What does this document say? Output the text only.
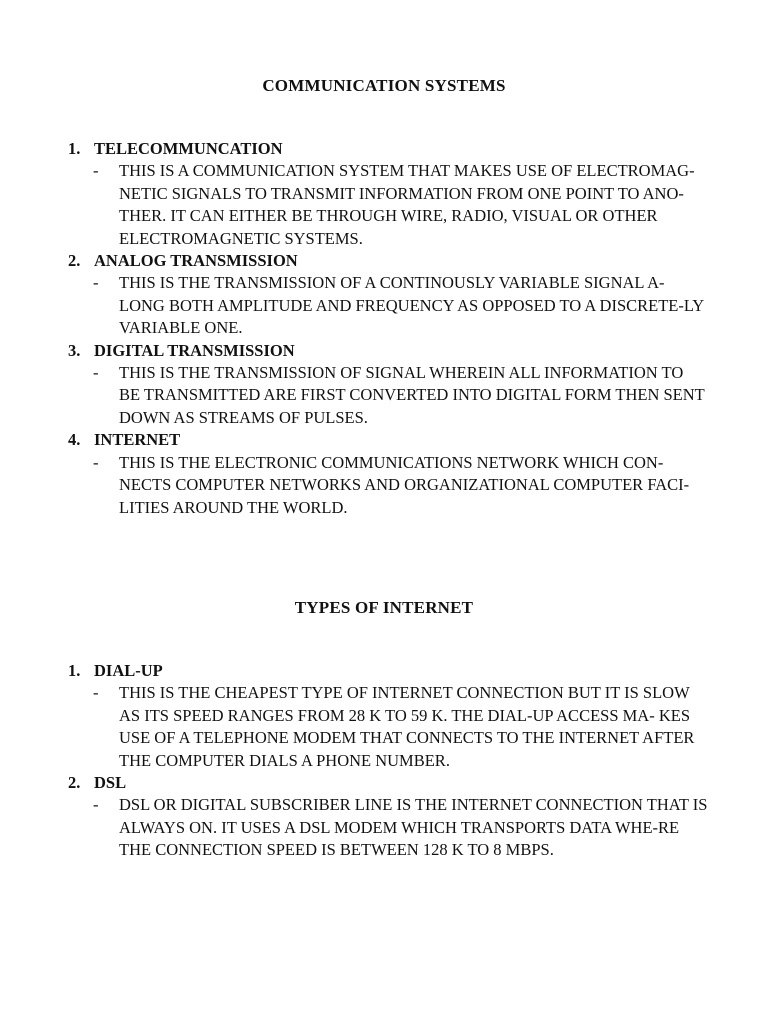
COMMUNICATION SYSTEMS
1. TELECOMMUNCATION
-	THIS IS A COMMUNICATION SYSTEM THAT MAKES USE OF ELECTROMAG- NETIC SIGNALS TO TRANSMIT INFORMATION FROM ONE POINT TO ANO- THER. IT CAN EITHER BE THROUGH WIRE, RADIO, VISUAL OR OTHER ELECTROMAGNETIC SYSTEMS.
2. ANALOG TRANSMISSION
-	THIS IS THE TRANSMISSION OF A CONTINOUSLY VARIABLE SIGNAL A- LONG BOTH AMPLITUDE AND FREQUENCY AS OPPOSED TO A DISCRETE-LY VARIABLE ONE.
3. DIGITAL TRANSMISSION
-	THIS IS THE TRANSMISSION OF SIGNAL WHEREIN ALL INFORMATION TO BE TRANSMITTED ARE FIRST CONVERTED INTO DIGITAL FORM THEN SENT DOWN AS STREAMS OF PULSES.
4. INTERNET
-	THIS IS THE ELECTRONIC COMMUNICATIONS NETWORK WHICH CON- NECTS COMPUTER NETWORKS AND ORGANIZATIONAL COMPUTER FACI- LITIES AROUND THE WORLD.
TYPES OF INTERNET
1. DIAL-UP
-	THIS IS THE CHEAPEST TYPE OF INTERNET CONNECTION BUT IT IS SLOW AS ITS SPEED RANGES FROM 28 K TO 59 K. THE DIAL-UP ACCESS MA- KES USE OF A TELEPHONE MODEM THAT CONNECTS TO THE INTERNET AFTER THE COMPUTER DIALS A PHONE NUMBER.
2. DSL
-	DSL OR DIGITAL SUBSCRIBER LINE IS THE INTERNET CONNECTION THAT IS ALWAYS ON. IT USES A DSL MODEM WHICH TRANSPORTS DATA WHE-RE THE CONNECTION SPEED IS BETWEEN 128 K TO 8 MBPS.
